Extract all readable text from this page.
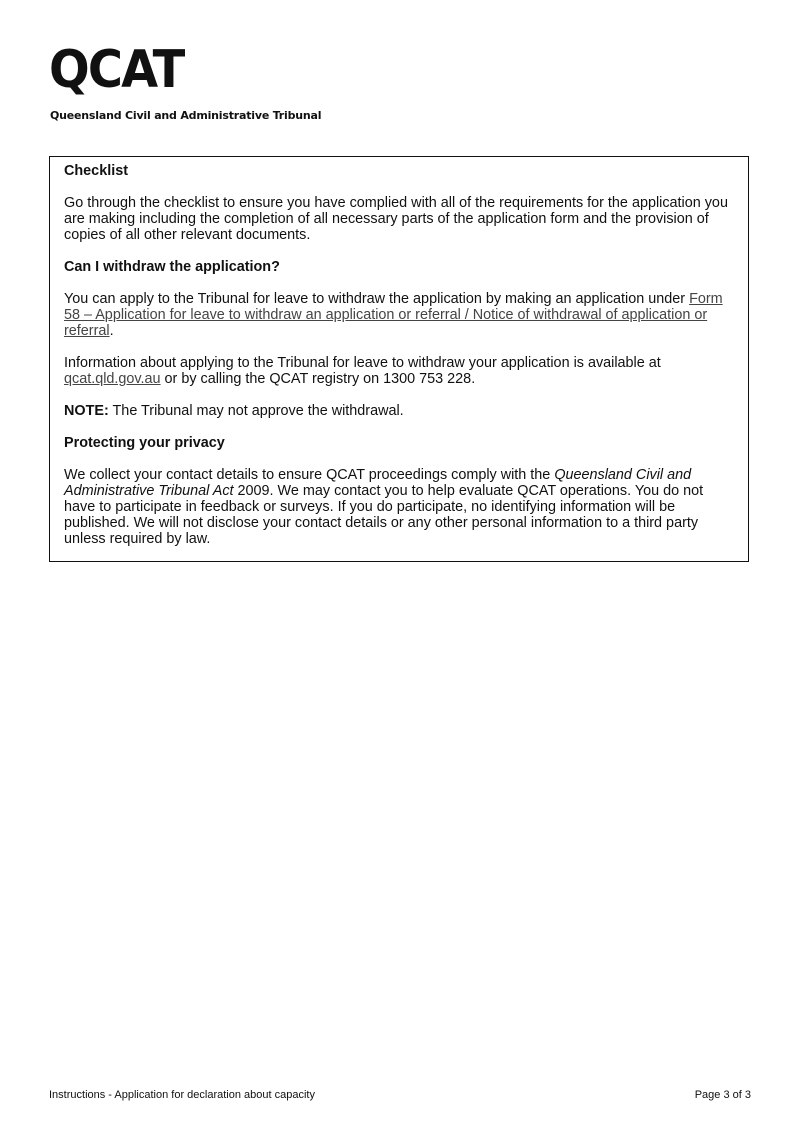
QCAT
Queensland Civil and Administrative Tribunal
Checklist

Go through the checklist to ensure you have complied with all of the requirements for the application you are making including the completion of all necessary parts of the application form and the provision of copies of all other relevant documents.

Can I withdraw the application?

You can apply to the Tribunal for leave to withdraw the application by making an application under Form 58 – Application for leave to withdraw an application or referral / Notice of withdrawal of application or referral.

Information about applying to the Tribunal for leave to withdraw your application is available at qcat.qld.gov.au or by calling the QCAT registry on 1300 753 228.

NOTE: The Tribunal may not approve the withdrawal.

Protecting your privacy

We collect your contact details to ensure QCAT proceedings comply with the Queensland Civil and Administrative Tribunal Act 2009. We may contact you to help evaluate QCAT operations. You do not have to participate in feedback or surveys. If you do participate, no identifying information will be published. We will not disclose your contact details or any other personal information to a third party unless required by law.

Instructions - Application for declaration about capacity	Page 3 of 3
